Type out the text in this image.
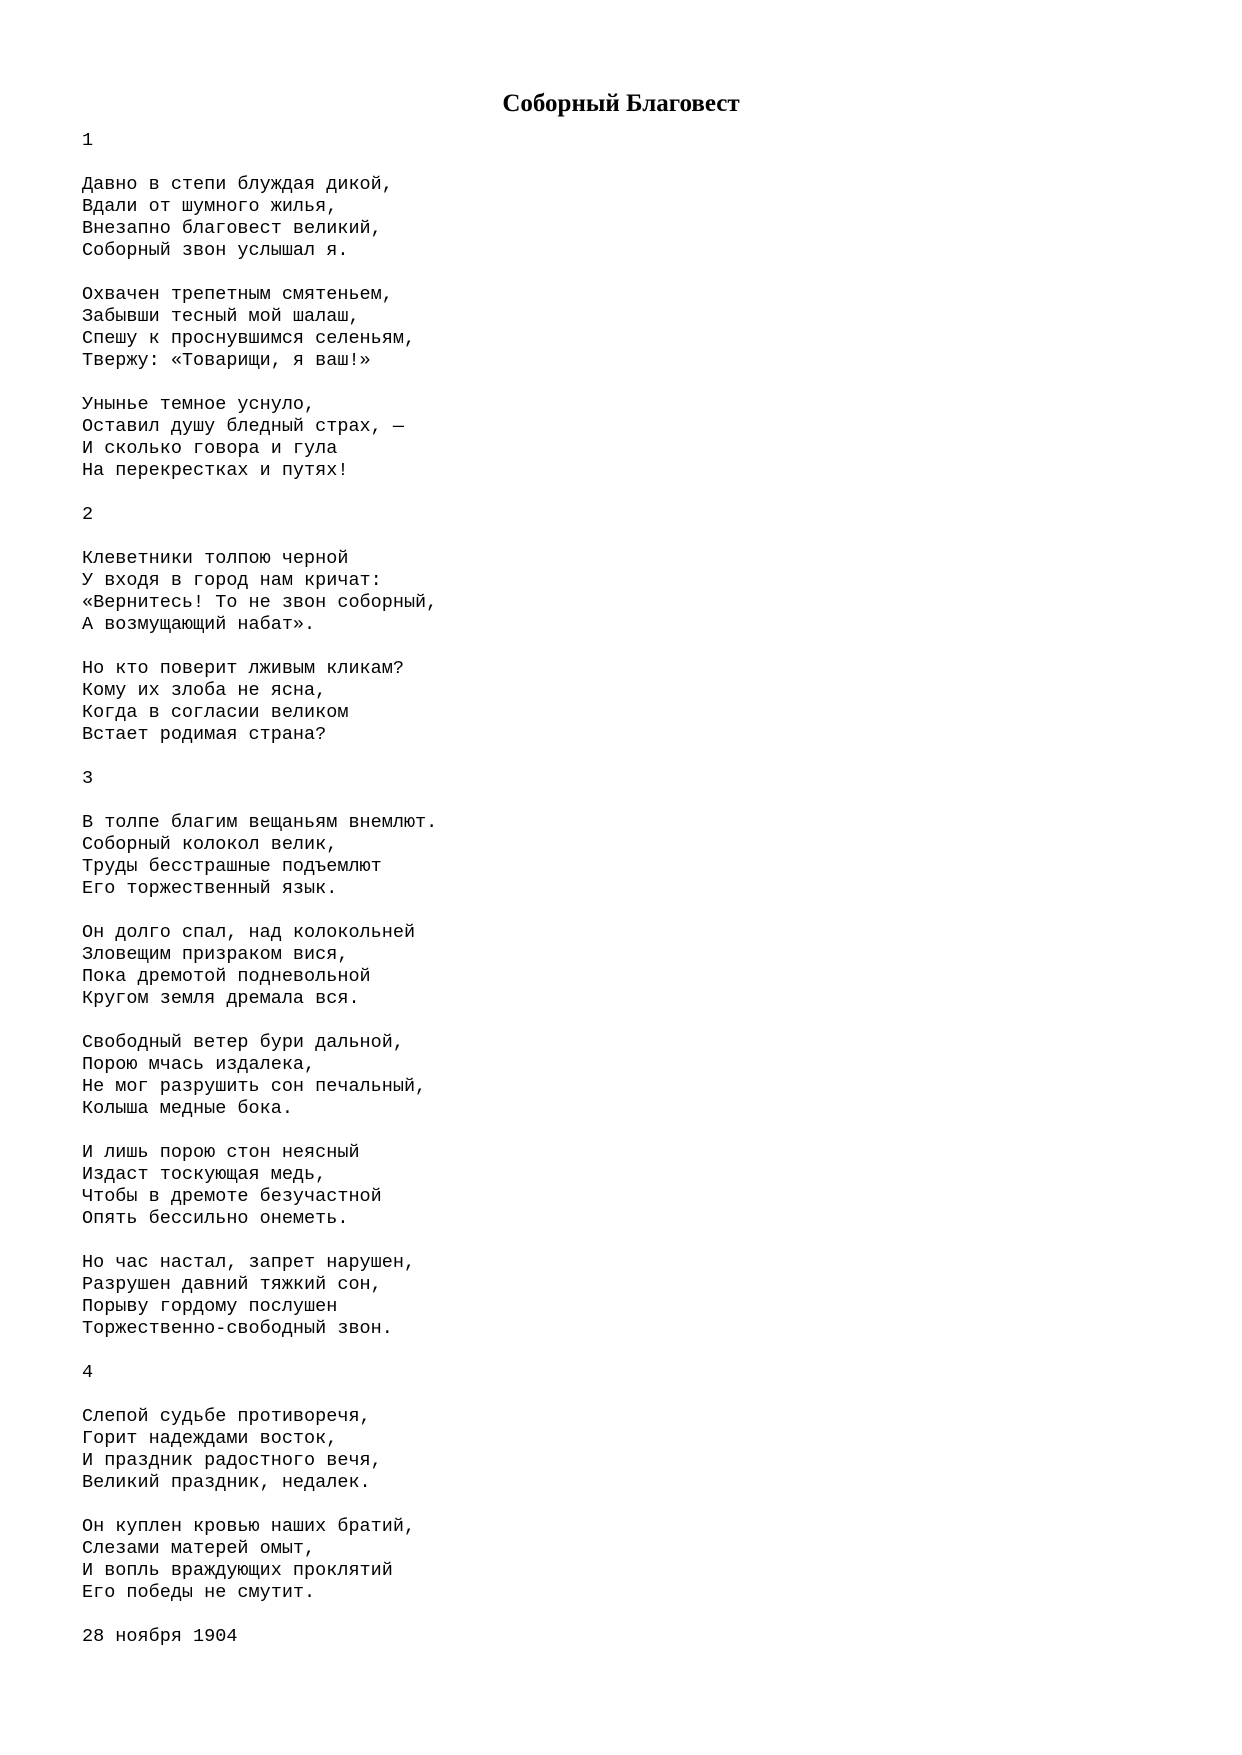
Соборный Благовест
1
Давно в степи блуждая дикой,
Вдали от шумного жилья,
Внезапно благовест великий,
Соборный звон услышал я.
Охвачен трепетным смятеньем,
Забывши тесный мой шалаш,
Спешу к проснувшимся селеньям,
Твержу: «Товарищи, я ваш!»
Унынье темное уснуло,
Оставил душу бледный страх, —
И сколько говора и гула
На перекрестках и путях!
2
Клеветники толпою черной
У входя в город нам кричат:
«Вернитесь! То не звон соборный,
А возмущающий набат».
Но кто поверит лживым кликам?
Кому их злоба не ясна,
Когда в согласии великом
Встает родимая страна?
3
В толпе благим вещаньям внемлют.
Соборный колокол велик,
Труды бесстрашные подъемлют
Его торжественный язык.
Он долго спал, над колокольней
Зловещим призраком вися,
Пока дремотой подневольной
Кругом земля дремала вся.
Свободный ветер бури дальной,
Порою мчась издалека,
Не мог разрушить сон печальный,
Колыша медные бока.
И лишь порою стон неясный
Издаст тоскующая медь,
Чтобы в дремоте безучастной
Опять бессильно онеметь.
Но час настал, запрет нарушен,
Разрушен давний тяжкий сон,
Порыву гордому послушен
Торжественно-свободный звон.
4
Слепой судьбе противоречя,
Горит надеждами восток,
И праздник радостного вечя,
Великий праздник, недалек.
Он куплен кровью наших братий,
Слезами матерей омыт,
И вопль враждующих проклятий
Его победы не смутит.
28 ноября 1904
